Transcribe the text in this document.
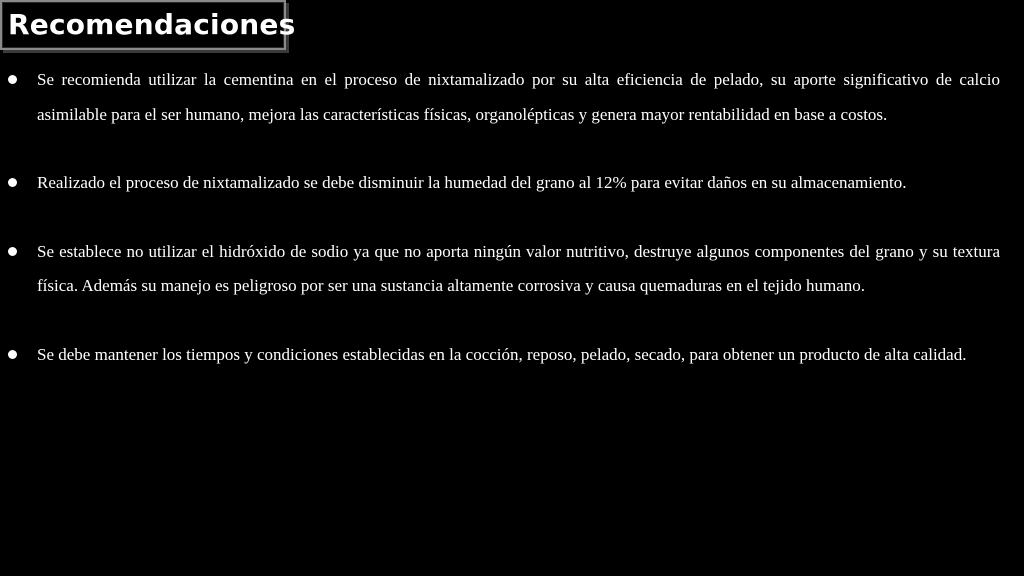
Recomendaciones
Se recomienda utilizar la cementina en el proceso de nixtamalizado por su alta eficiencia de pelado, su aporte significativo de calcio asimilable para el ser humano, mejora las características físicas, organolépticas y genera mayor rentabilidad en base a costos.
Realizado el proceso de nixtamalizado se debe disminuir la humedad del grano al 12% para evitar daños en su almacenamiento.
Se establece no utilizar el hidróxido de sodio ya que no aporta ningún valor nutritivo, destruye algunos componentes del grano y su textura física. Además su manejo es peligroso por ser una sustancia altamente corrosiva y causa quemaduras en el tejido humano.
Se debe mantener los tiempos y condiciones establecidas en la cocción, reposo, pelado, secado, para obtener un producto de alta calidad.
